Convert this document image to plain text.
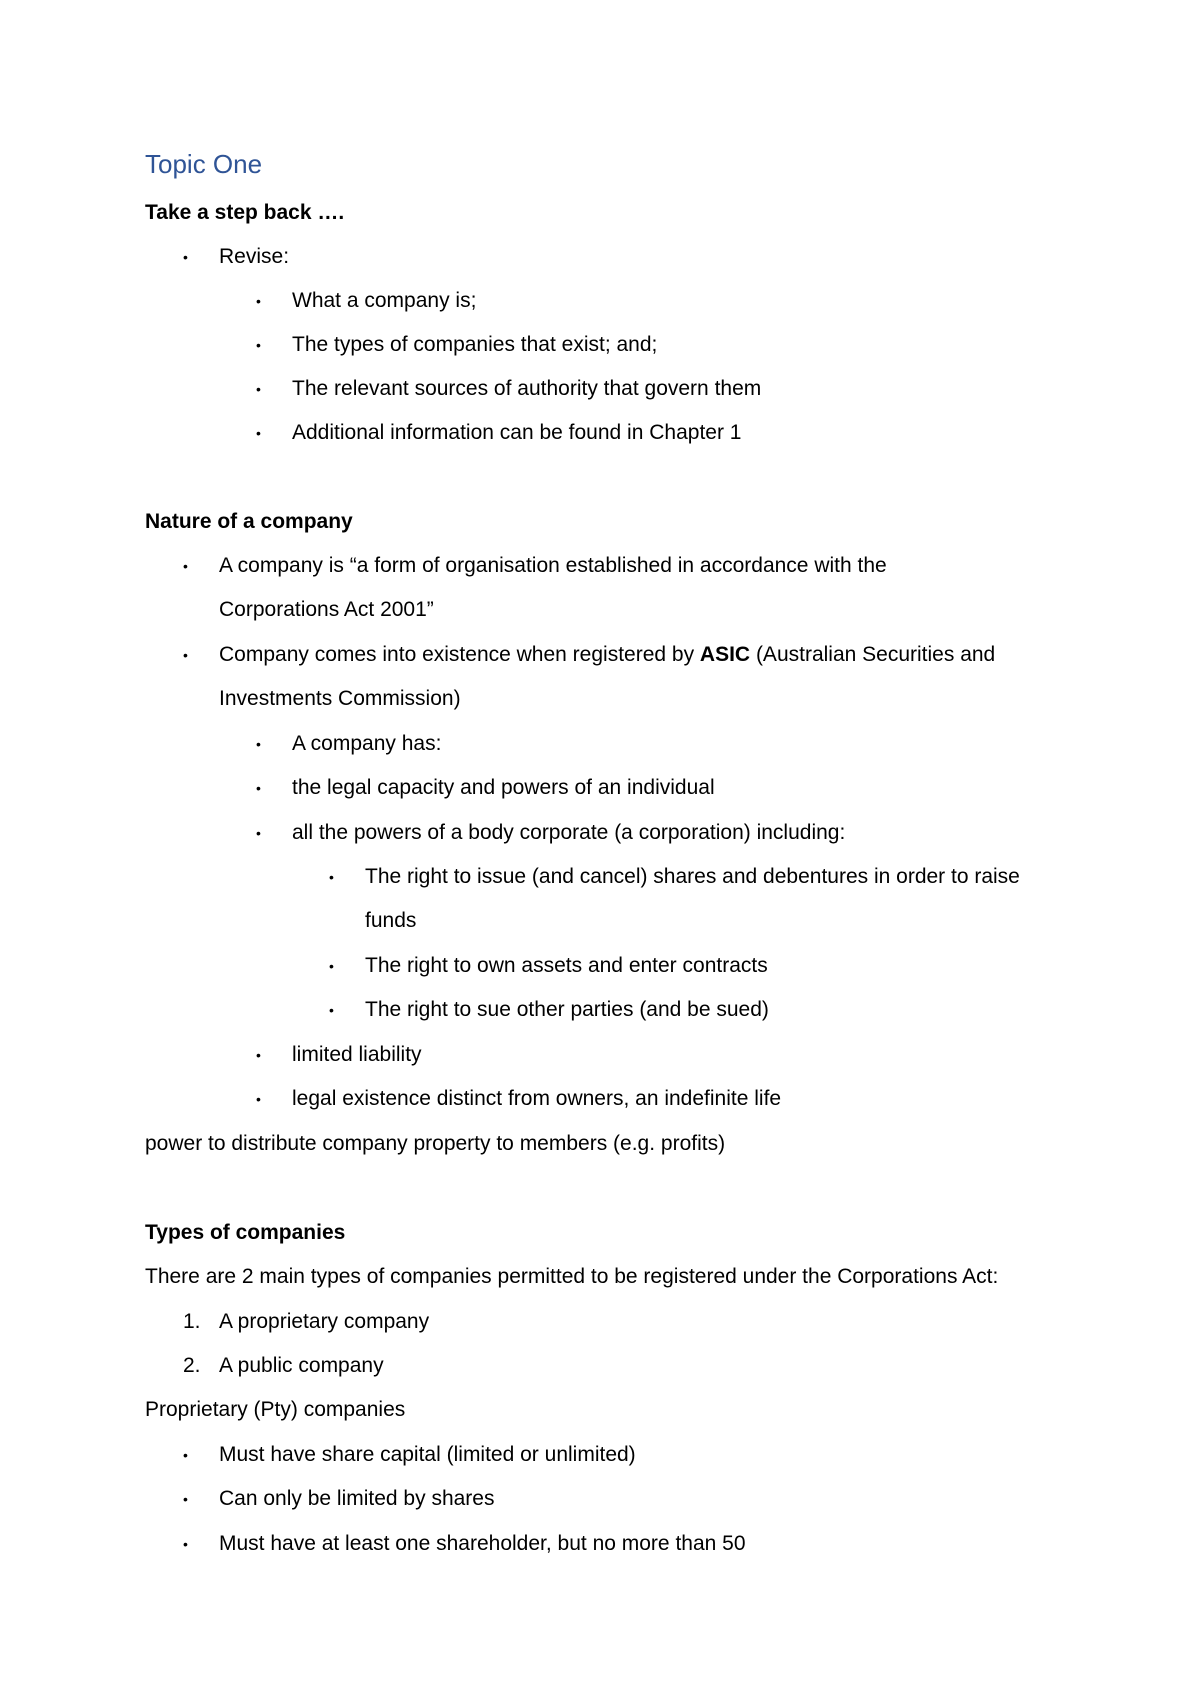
Topic One
Take a step back ….
• Revise:
• What a company is;
• The types of companies that exist; and;
• The relevant sources of authority that govern them
• Additional information can be found in Chapter 1
Nature of a company
• A company is “a form of organisation established in accordance with the
Corporations Act 2001”
• Company comes into existence when registered by ASIC (Australian Securities and
Investments Commission)
• A company has:
• the legal capacity and powers of an individual
• all the powers of a body corporate (a corporation) including:
• The right to issue (and cancel) shares and debentures in order to raise
funds
• The right to own assets and enter contracts
• The right to sue other parties (and be sued)
• limited liability
• legal existence distinct from owners, an indefinite life
power to distribute company property to members (e.g. profits)
Types of companies
There are 2 main types of companies permitted to be registered under the Corporations Act:
1. A proprietary company
2. A public company
Proprietary (Pty) companies
• Must have share capital (limited or unlimited)
• Can only be limited by shares
• Must have at least one shareholder, but no more than 50
